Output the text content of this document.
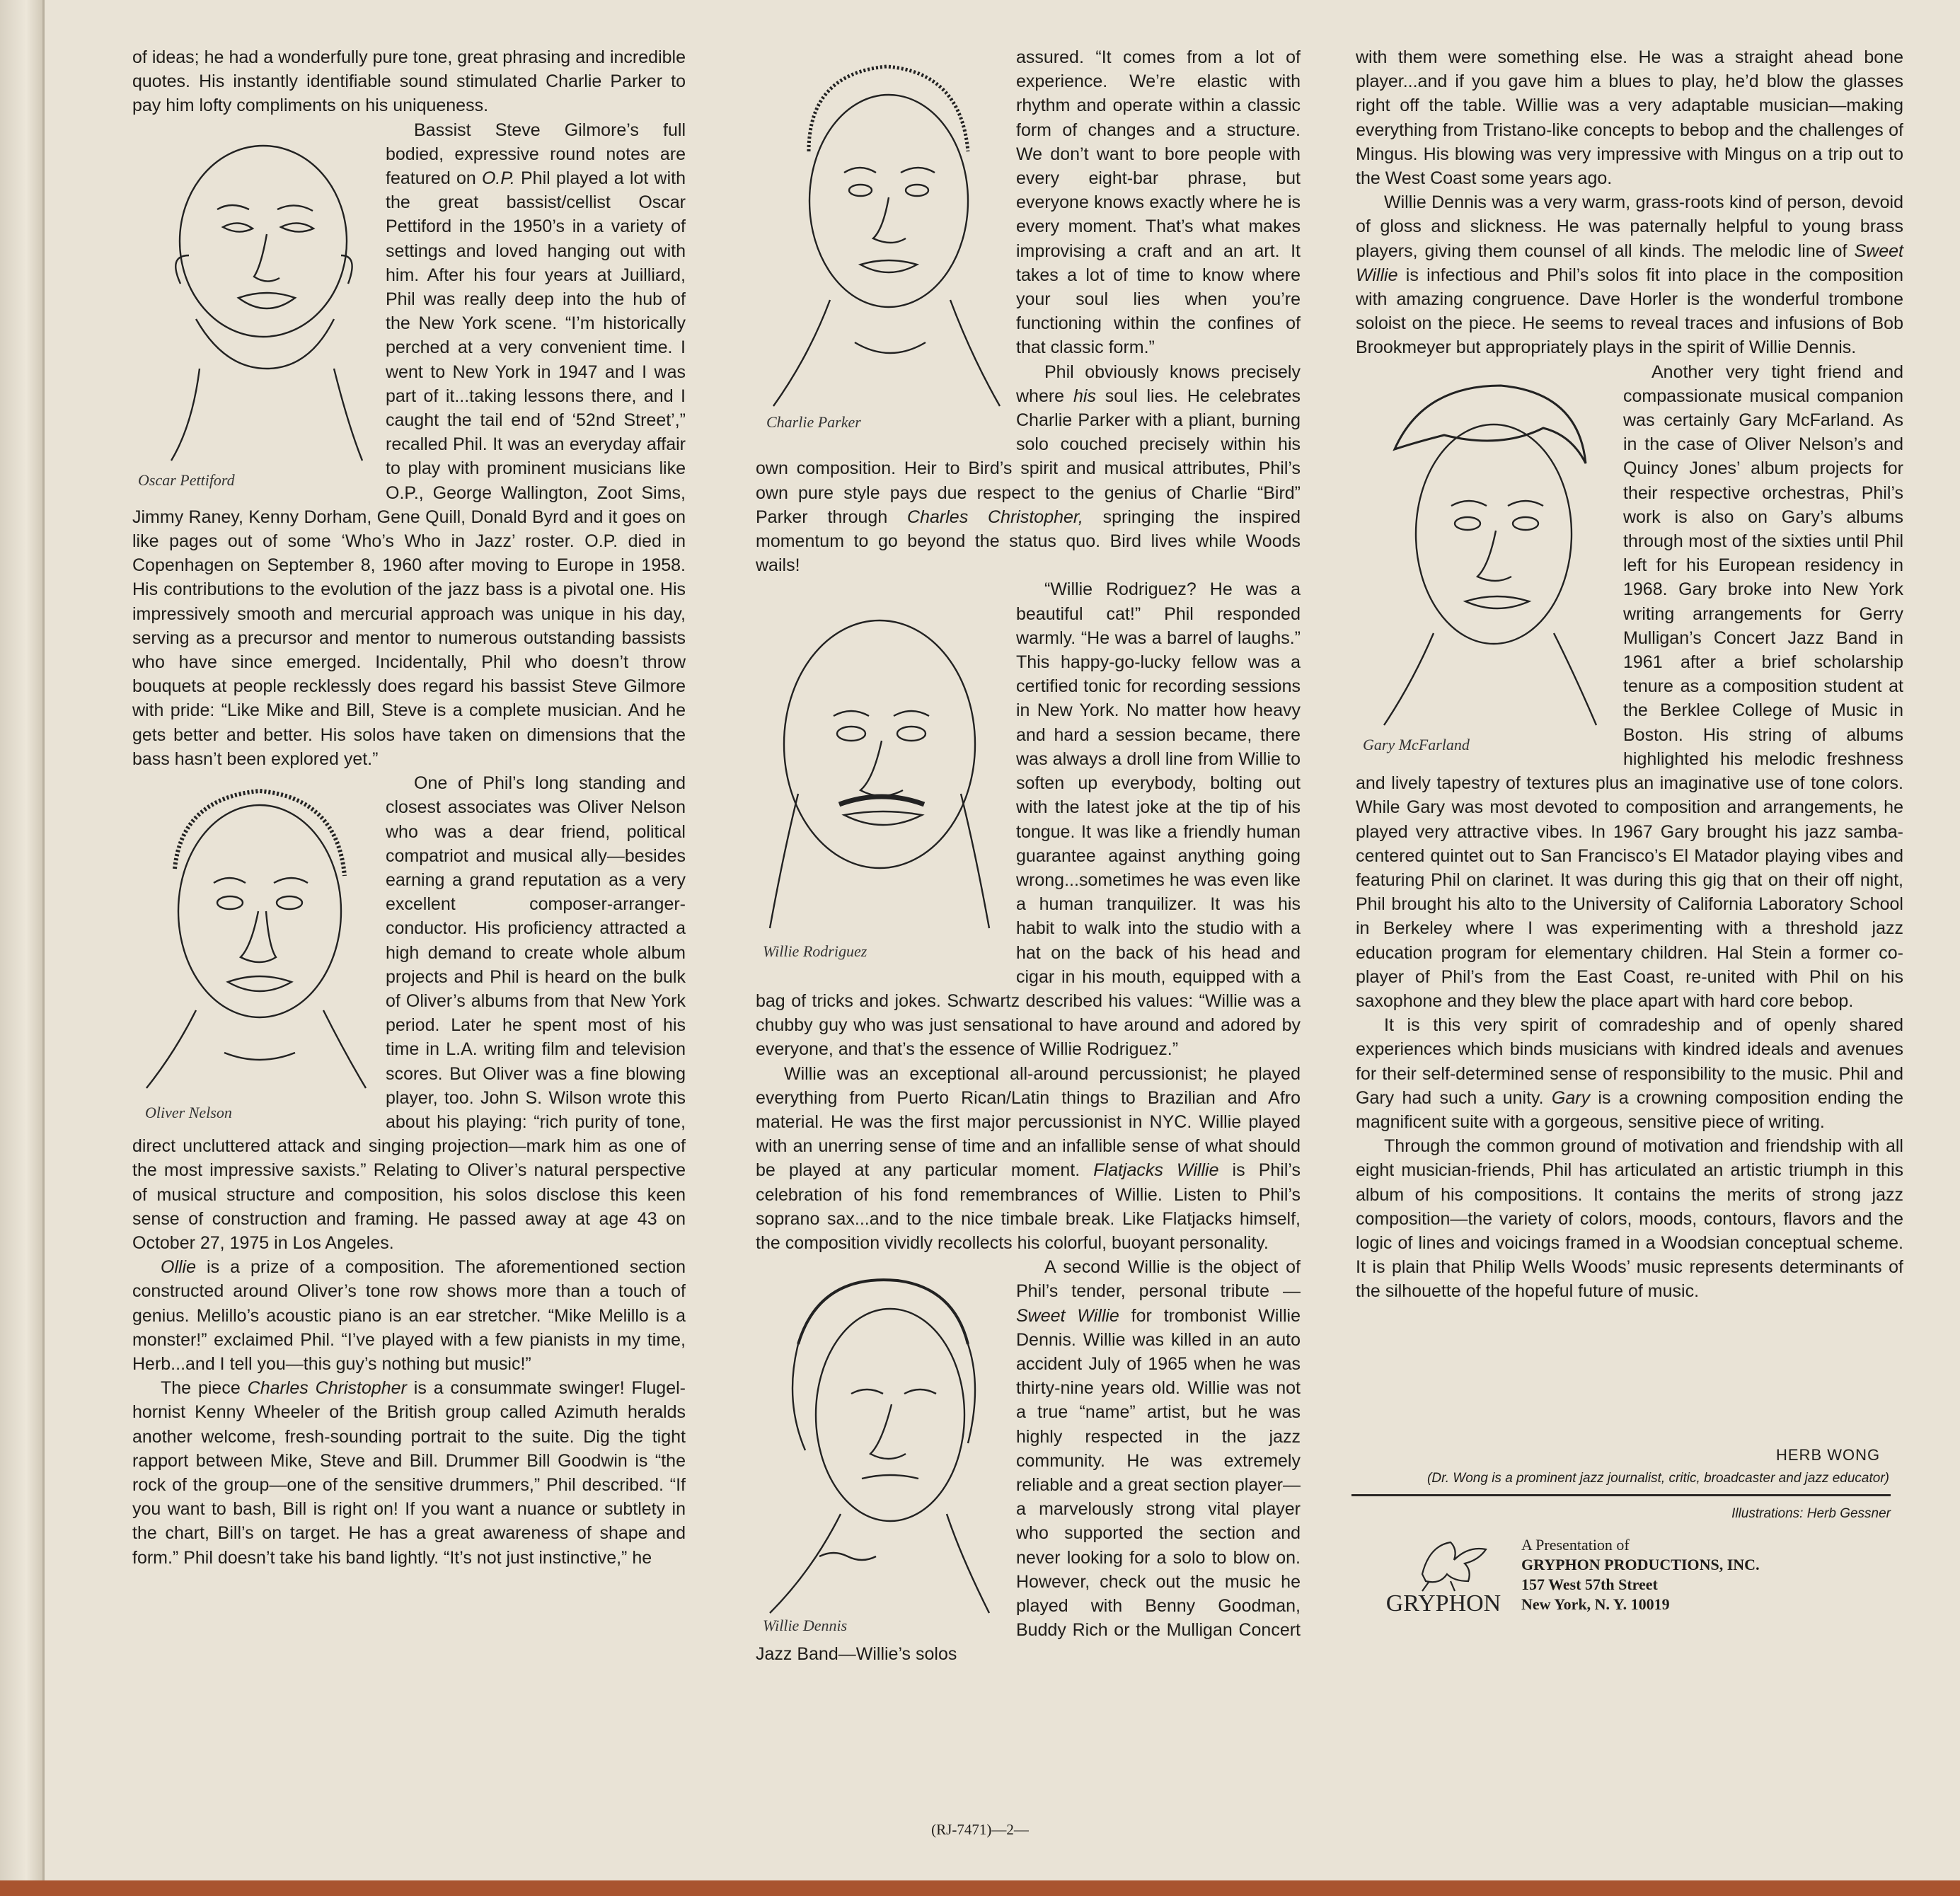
of ideas; he had a wonderfully pure tone, great phrasing and incredible quotes. His instantly identifiable sound stimulated Charlie Parker to pay him lofty compliments on his uniqueness.

Oscar Pettiford

Bassist Steve Gilmore’s full bodied, expressive round notes are featured on O.P. Phil played a lot with the great bassist/cellist Oscar Pettiford in the 1950’s in a variety of settings and loved hanging out with him. After his four years at Juilliard, Phil was really deep into the hub of the New York scene. “I’m historically perched at a very convenient time. I went to New York in 1947 and I was part of it...taking lessons there, and I caught the tail end of ‘52nd Street’,” recalled Phil. It was an everyday affair to play with prominent musicians like O.P., George Wallington, Zoot Sims, Jimmy Raney, Kenny Dorham, Gene Quill, Donald Byrd and it goes on like pages out of some ‘Who’s Who in Jazz’ roster. O.P. died in Copenhagen on September 8, 1960 after moving to Europe in 1958. His contributions to the evolution of the jazz bass is a pivotal one. His impressively smooth and mercurial approach was unique in his day, serving as a precursor and mentor to numerous outstanding bassists who have since emerged. Incidentally, Phil who doesn’t throw bouquets at people recklessly does regard his bassist Steve Gilmore with pride: “Like Mike and Bill, Steve is a complete musician. And he gets better and better. His solos have taken on dimensions that the bass hasn’t been explored yet.”

Oliver Nelson

One of Phil’s long standing and closest associates was Oliver Nelson who was a dear friend, political compatriot and musical ally—besides earning a grand reputation as a very excellent composer-arranger-conductor. His proficiency attracted a high demand to create whole album projects and Phil is heard on the bulk of Oliver’s albums from that New York period. Later he spent most of his time in L.A. writing film and television scores. But Oliver was a fine blowing player, too. John S. Wilson wrote this about his playing: “rich purity of tone, direct uncluttered attack and singing projection—mark him as one of the most impressive saxists.” Relating to Oliver’s natural perspective of musical structure and composition, his solos disclose this keen sense of construction and framing. He passed away at age 43 on October 27, 1975 in Los Angeles.

Ollie is a prize of a composition. The aforementioned section constructed around Oliver’s tone row shows more than a touch of genius. Melillo’s acoustic piano is an ear stretcher. “Mike Melillo is a monster!” exclaimed Phil. “I’ve played with a few pianists in my time, Herb...and I tell you—this guy’s nothing but music!”

The piece Charles Christopher is a consummate swinger! Flugel-hornist Kenny Wheeler of the British group called Azimuth heralds another welcome, fresh-sounding portrait to the suite. Dig the tight rapport between Mike, Steve and Bill. Drummer Bill Goodwin is “the rock of the group—one of the sensitive drummers,” Phil described. “If you want to bash, Bill is right on! If you want a nuance or subtlety in the chart, Bill’s on target. He has a great awareness of shape and form.” Phil doesn’t take his band lightly. “It’s not just instinctive,” he

Charlie Parker

assured. “It comes from a lot of experience. We’re elastic with rhythm and operate within a classic form of changes and a structure. We don’t want to bore people with every eight-bar phrase, but everyone knows exactly where he is every moment. That’s what makes improvising a craft and an art. It takes a lot of time to know where your soul lies when you’re functioning within the confines of that classic form.”

Phil obviously knows precisely where his soul lies. He celebrates Charlie Parker with a pliant, burning solo couched precisely within his own composition. Heir to Bird’s spirit and musical attributes, Phil’s own pure style pays due respect to the genius of Charlie “Bird” Parker through Charles Christopher, springing the inspired momentum to go beyond the status quo. Bird lives while Woods wails!

Willie Rodriguez

“Willie Rodriguez? He was a beautiful cat!” Phil responded warmly. “He was a barrel of laughs.” This happy-go-lucky fellow was a certified tonic for recording sessions in New York. No matter how heavy and hard a session became, there was always a droll line from Willie to soften up everybody, bolting out with the latest joke at the tip of his tongue. It was like a friendly human guarantee against anything going wrong...sometimes he was even like a human tranquilizer. It was his habit to walk into the studio with a hat on the back of his head and cigar in his mouth, equipped with a bag of tricks and jokes. Schwartz described his values: “Willie was a chubby guy who was just sensational to have around and adored by everyone, and that’s the essence of Willie Rodriguez.”

Willie was an exceptional all-around percussionist; he played everything from Puerto Rican/Latin things to Brazilian and Afro material. He was the first major percussionist in NYC. Willie played with an unerring sense of time and an infallible sense of what should be played at any particular moment. Flatjacks Willie is Phil’s celebration of his fond remembrances of Willie. Listen to Phil’s soprano sax...and to the nice timbale break. Like Flatjacks himself, the composition vividly recollects his colorful, buoyant personality.

Willie Dennis

A second Willie is the object of Phil’s tender, personal tribute —Sweet Willie for trombonist Willie Dennis. Willie was killed in an auto accident July of 1965 when he was thirty-nine years old. Willie was not a true “name” artist, but he was highly respected in the jazz community. He was extremely reliable and a great section player—a marvelously strong vital player who supported the section and never looking for a solo to blow on. However, check out the music he played with Benny Goodman, Buddy Rich or the Mulligan Concert Jazz Band—Willie’s solos

with them were something else. He was a straight ahead bone player...and if you gave him a blues to play, he’d blow the glasses right off the table. Willie was a very adaptable musician—making everything from Tristano-like concepts to bebop and the challenges of Mingus. His blowing was very impressive with Mingus on a trip out to the West Coast some years ago.

Willie Dennis was a very warm, grass-roots kind of person, devoid of gloss and slickness. He was paternally helpful to young brass players, giving them counsel of all kinds. The melodic line of Sweet Willie is infectious and Phil’s solos fit into place in the composition with amazing congruence. Dave Horler is the wonderful trombone soloist on the piece. He seems to reveal traces and infusions of Bob Brookmeyer but appropriately plays in the spirit of Willie Dennis.

Gary McFarland

Another very tight friend and compassionate musical companion was certainly Gary McFarland. As in the case of Oliver Nelson’s and Quincy Jones’ album projects for their respective orchestras, Phil’s work is also on Gary’s albums through most of the sixties until Phil left for his European residency in 1968. Gary broke into New York writing arrangements for Gerry Mulligan’s Concert Jazz Band in 1961 after a brief scholarship tenure as a composition student at the Berklee College of Music in Boston. His string of albums highlighted his melodic freshness and lively tapestry of textures plus an imaginative use of tone colors. While Gary was most devoted to composition and arrangements, he played very attractive vibes. In 1967 Gary brought his jazz samba-centered quintet out to San Francisco’s El Matador playing vibes and featuring Phil on clarinet. It was during this gig that on their off night, Phil brought his alto to the University of California Laboratory School in Berkeley where I was experimenting with a threshold jazz education program for elementary children. Hal Stein a former co-player of Phil’s from the East Coast, re-united with Phil on his saxophone and they blew the place apart with hard core bebop.

It is this very spirit of comradeship and of openly shared experiences which binds musicians with kindred ideals and avenues for their self-determined sense of responsibility to the music. Phil and Gary had such a unity. Gary is a crowning composition ending the magnificent suite with a gorgeous, sensitive piece of writing.

Through the common ground of motivation and friendship with all eight musician-friends, Phil has articulated an artistic triumph in this album of his compositions. It contains the merits of strong jazz composition—the variety of colors, moods, contours, flavors and the logic of lines and voicings framed in a Woodsian conceptual scheme. It is plain that Philip Wells Woods’ music represents determinants of the silhouette of the hopeful future of music.

HERB WONG
(Dr. Wong is a prominent jazz journalist, critic, broadcaster and jazz educator)
Illustrations: Herb Gessner
GRYPHON
A Presentation of
GRYPHON PRODUCTIONS, INC.
157 West 57th Street
New York, N. Y. 10019
(RJ-7471)—2—
